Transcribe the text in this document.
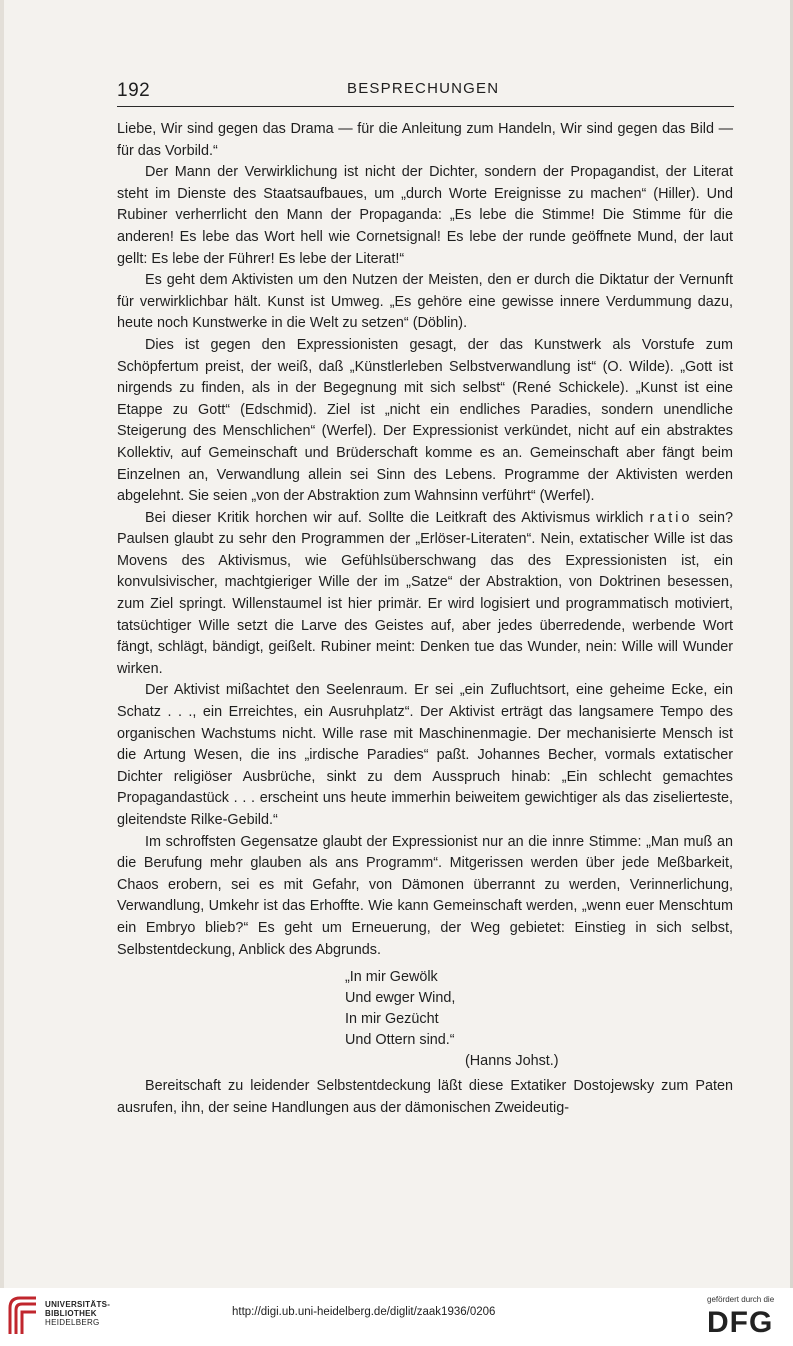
192	BESPRECHUNGEN

Liebe, Wir sind gegen das Drama — für die Anleitung zum Handeln, Wir sind gegen das Bild — für das Vorbild.“

Der Mann der Verwirklichung ist nicht der Dichter, sondern der Propagandist, der Literat steht im Dienste des Staatsaufbaues, um „durch Worte Ereignisse zu machen“ (Hiller). Und Rubiner verherrlicht den Mann der Propaganda: „Es lebe die Stimme! Die Stimme für die anderen! Es lebe das Wort hell wie Cornetsignal! Es lebe der runde geöffnete Mund, der laut gellt: Es lebe der Führer! Es lebe der Literat!“

Es geht dem Aktivisten um den Nutzen der Meisten, den er durch die Diktatur der Vernunft für verwirklichbar hält. Kunst ist Umweg. „Es gehöre eine gewisse innere Verdummung dazu, heute noch Kunstwerke in die Welt zu setzen“ (Döblin).

Dies ist gegen den Expressionisten gesagt, der das Kunstwerk als Vorstufe zum Schöpfertum preist, der weiß, daß „Künstlerleben Selbstverwandlung ist“ (O. Wilde). „Gott ist nirgends zu finden, als in der Begegnung mit sich selbst“ (René Schickele). „Kunst ist eine Etappe zu Gott“ (Edschmid). Ziel ist „nicht ein endliches Paradies, sondern unendliche Steigerung des Menschlichen“ (Werfel). Der Expressionist verkündet, nicht auf ein abstraktes Kollektiv, auf Gemeinschaft und Brüderschaft komme es an. Gemeinschaft aber fängt beim Einzelnen an, Verwandlung allein sei Sinn des Lebens. Programme der Aktivisten werden abgelehnt. Sie seien „von der Abstraktion zum Wahnsinn verführt“ (Werfel).

Bei dieser Kritik horchen wir auf. Sollte die Leitkraft des Aktivismus wirklich ratio sein? Paulsen glaubt zu sehr den Programmen der „Erlöser-Literaten“. Nein, extatischer Wille ist das Movens des Aktivismus, wie Gefühlsüberschwang das des Expressionisten ist, ein konvulsivischer, machtgieriger Wille der im „Satze“ der Abstraktion, von Doktrinen besessen, zum Ziel springt. Willenstaumel ist hier primär. Er wird logisiert und programmatisch motiviert, tatsüchtiger Wille setzt die Larve des Geistes auf, aber jedes überredende, werbende Wort fängt, schlägt, bändigt, geißelt. Rubiner meint: Denken tue das Wunder, nein: Wille will Wunder wirken.

Der Aktivist mißachtet den Seelenraum. Er sei „ein Zufluchtsort, eine geheime Ecke, ein Schatz . . ., ein Erreichtes, ein Ausruhplatz“. Der Aktivist erträgt das langsamere Tempo des organischen Wachstums nicht. Wille rase mit Maschinenmagie. Der mechanisierte Mensch ist die Artung Wesen, die ins „irdische Paradies“ paßt. Johannes Becher, vormals extatischer Dichter religiöser Ausbrüche, sinkt zu dem Ausspruch hinab: „Ein schlecht gemachtes Propagandastück . . . erscheint uns heute immerhin beiweitem gewichtiger als das ziselierteste, gleitendste Rilke-Gebild.“

Im schroffsten Gegensatze glaubt der Expressionist nur an die innre Stimme: „Man muß an die Berufung mehr glauben als ans Programm“. Mitgerissen werden über jede Meßbarkeit, Chaos erobern, sei es mit Gefahr, von Dämonen überrannt zu werden, Verinnerlichung, Verwandlung, Umkehr ist das Erhoffte. Wie kann Gemeinschaft werden, „wenn euer Menschtum ein Embryo blieb?“ Es geht um Erneuerung, der Weg gebietet: Einstieg in sich selbst, Selbstentdeckung, Anblick des Abgrunds.

„In mir Gewölk
Und ewger Wind,
In mir Gezücht
Und Ottern sind.“
(Hanns Johst.)

Bereitschaft zu leidender Selbstentdeckung läßt diese Extatiker Dostojewsky zum Paten ausrufen, ihn, der seine Handlungen aus der dämonischen Zweideutig-

UNIVERSITÄTS-
BIBLIOTHEK
HEIDELBERG
http://digi.ub.uni-heidelberg.de/diglit/zaak1936/0206
gefördert durch die
DFG
